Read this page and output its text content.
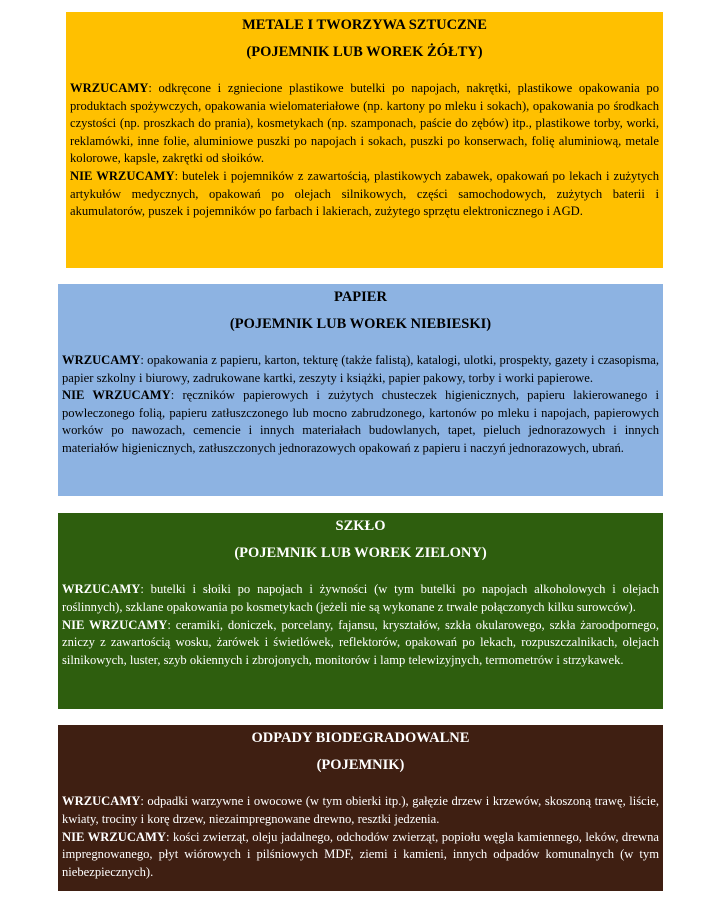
METALE I TWORZYWA SZTUCZNE
(POJEMNIK LUB WOREK ŻÓŁTY)

WRZUCAMY: odkręcone i zgniecione plastikowe butelki po napojach, nakrętki, plastikowe opakowania po produktach spożywczych, opakowania wielomateriałowe (np. kartony po mleku i sokach), opakowania po środkach czystości (np. proszkach do prania), kosmetykach (np. szamponach, paście do zębów) itp., plastikowe torby, worki, reklamówki, inne folie, aluminiowe puszki po napojach i sokach, puszki po konserwach, folię aluminiową, metale kolorowe, kapsle, zakrętki od słoików.

NIE WRZUCAMY: butelek i pojemników z zawartością, plastikowych zabawek, opakowań po lekach i zużytych artykułów medycznych, opakowań po olejach silnikowych, części samochodowych, zużytych baterii i akumulatorów, puszek i pojemników po farbach i lakierach, zużytego sprzętu elektronicznego i AGD.

PAPIER
(POJEMNIK LUB WOREK NIEBIESKI)

WRZUCAMY: opakowania z papieru, karton, tekturę (także falistą), katalogi, ulotki, prospekty, gazety i czasopisma, papier szkolny i biurowy, zadrukowane kartki, zeszyty i książki, papier pakowy, torby i worki papierowe.

NIE WRZUCAMY: ręczników papierowych i zużytych chusteczek higienicznych, papieru lakierowanego i powleczonego folią, papieru zatłuszczonego lub mocno zabrudzonego, kartonów po mleku i napojach, papierowych worków po nawozach, cemencie i innych materiałach budowlanych, tapet, pieluch jednorazowych i innych materiałów higienicznych, zatłuszczonych jednorazowych opakowań z papieru i naczyń jednorazowych, ubrań.

SZKŁO
(POJEMNIK LUB WOREK ZIELONY)

WRZUCAMY: butelki i słoiki po napojach i żywności (w tym butelki po napojach alkoholowych i olejach roślinnych), szklane opakowania po kosmetykach (jeżeli nie są wykonane z trwale połączonych kilku surowców).

NIE WRZUCAMY: ceramiki, doniczek, porcelany, fajansu, kryształów, szkła okularowego, szkła żaroodpornego, zniczy z zawartością wosku, żarówek i świetlówek, reflektorów, opakowań po lekach, rozpuszczalnikach, olejach silnikowych, luster, szyb okiennych i zbrojonych, monitorów i lamp telewizyjnych, termometrów i strzykawek.

ODPADY BIODEGRADOWALNE
(POJEMNIK)

WRZUCAMY: odpadki warzywne i owocowe (w tym obierki itp.), gałęzie drzew i krzewów, skoszoną trawę, liście, kwiaty, trociny i korę drzew, niezaimpregnowane drewno, resztki jedzenia.

NIE WRZUCAMY: kości zwierząt, oleju jadalnego, odchodów zwierząt, popiołu węgla kamiennego, leków, drewna impregnowanego, płyt wiórowych i pilśniowych MDF, ziemi i kamieni, innych odpadów komunalnych (w tym niebezpiecznych).
